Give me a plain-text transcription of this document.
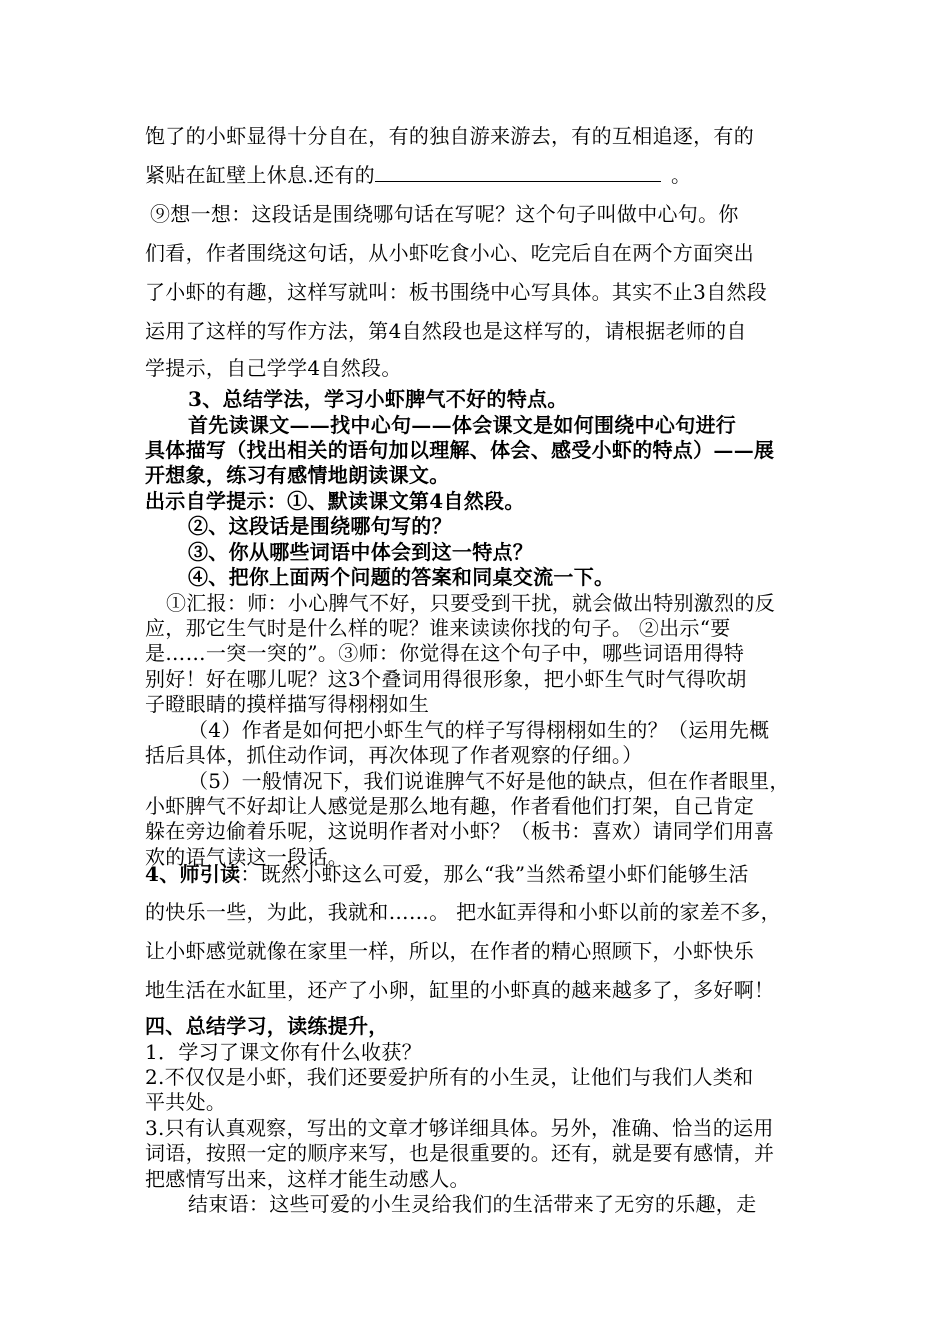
饱了的小虾显得十分自在，有的独自游来游去，有的互相追逐，有的
紧贴在缸壁上休息.还有的	。
⑨想一想：这段话是围绕哪句话在写呢？这个句子叫做中心句。你
们看，作者围绕这句话，从小虾吃食小心、吃完后自在两个方面突出
了小虾的有趣，这样写就叫：板书围绕中心写具体。其实不止3自然段
运用了这样的写作方法，第4自然段也是这样写的，请根据老师的自
学提示，自己学学4自然段。
3、总结学法，学习小虾脾气不好的特点。
首先读课文——找中心句——体会课文是如何围绕中心句进行
具体描写（找出相关的语句加以理解、体会、感受小虾的特点）——展
开想象，练习有感情地朗读课文。
出示自学提示：①、默读课文第4自然段。
②、这段话是围绕哪句写的？
③、你从哪些词语中体会到这一特点？
④、把你上面两个问题的答案和同桌交流一下。
①汇报：师：小心脾气不好，只要受到干扰，就会做出特别激烈的反
应，那它生气时是什么样的呢？谁来读读你找的句子。 ②出示“要
是……一突一突的”。③师：你觉得在这个句子中，哪些词语用得特
别好！好在哪儿呢？这3个叠词用得很形象，把小虾生气时气得吹胡
子瞪眼睛的摸样描写得栩栩如生
（4）作者是如何把小虾生气的样子写得栩栩如生的？（运用先概
括后具体，抓住动作词，再次体现了作者观察的仔细。）
（5）一般情况下，我们说谁脾气不好是他的缺点，但在作者眼里，
小虾脾气不好却让人感觉是那么地有趣，作者看他们打架，自己肯定
躲在旁边偷着乐呢，这说明作者对小虾？（板书：喜欢）请同学们用喜
欢的语气读这一段话。
4、师引读：既然小虾这么可爱，那么“我”当然希望小虾们能够生活
的快乐一些，为此，我就和……。 把水缸弄得和小虾以前的家差不多，
让小虾感觉就像在家里一样，所以，在作者的精心照顾下，小虾快乐
地生活在水缸里，还产了小卵，缸里的小虾真的越来越多了，多好啊！
四、总结学习，读练提升，
1．学习了课文你有什么收获？
2.不仅仅是小虾，我们还要爱护所有的小生灵，让他们与我们人类和
平共处。
3.只有认真观察，写出的文章才够详细具体。另外，准确、恰当的运用
词语，按照一定的顺序来写，也是很重要的。还有，就是要有感情，并
把感情写出来，这样才能生动感人。
结束语：这些可爱的小生灵给我们的生活带来了无穷的乐趣，走
